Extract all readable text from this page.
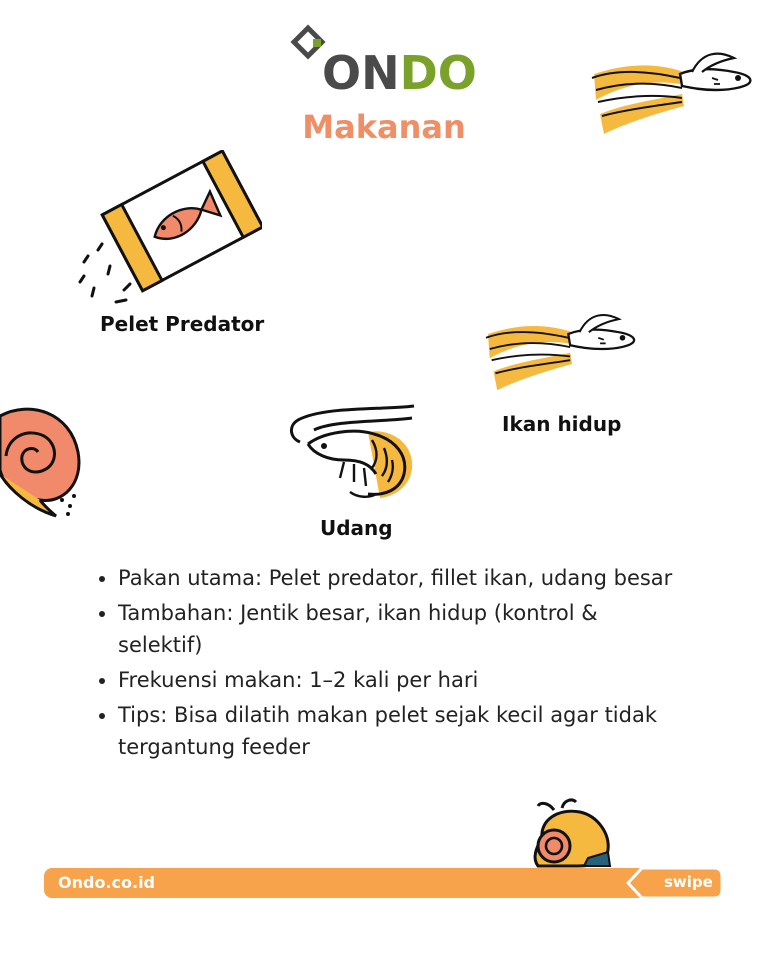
ONDO
Makanan
Pelet Predator
Ikan hidup
Udang
• Pakan utama: Pelet predator, fillet ikan, udang besar
• Tambahan: Jentik besar, ikan hidup (kontrol & selektif)
• Frekuensi makan: 1–2 kali per hari
• Tips: Bisa dilatih makan pelet sejak kecil agar tidak tergantung feeder
Ondo.co.id	swipe
